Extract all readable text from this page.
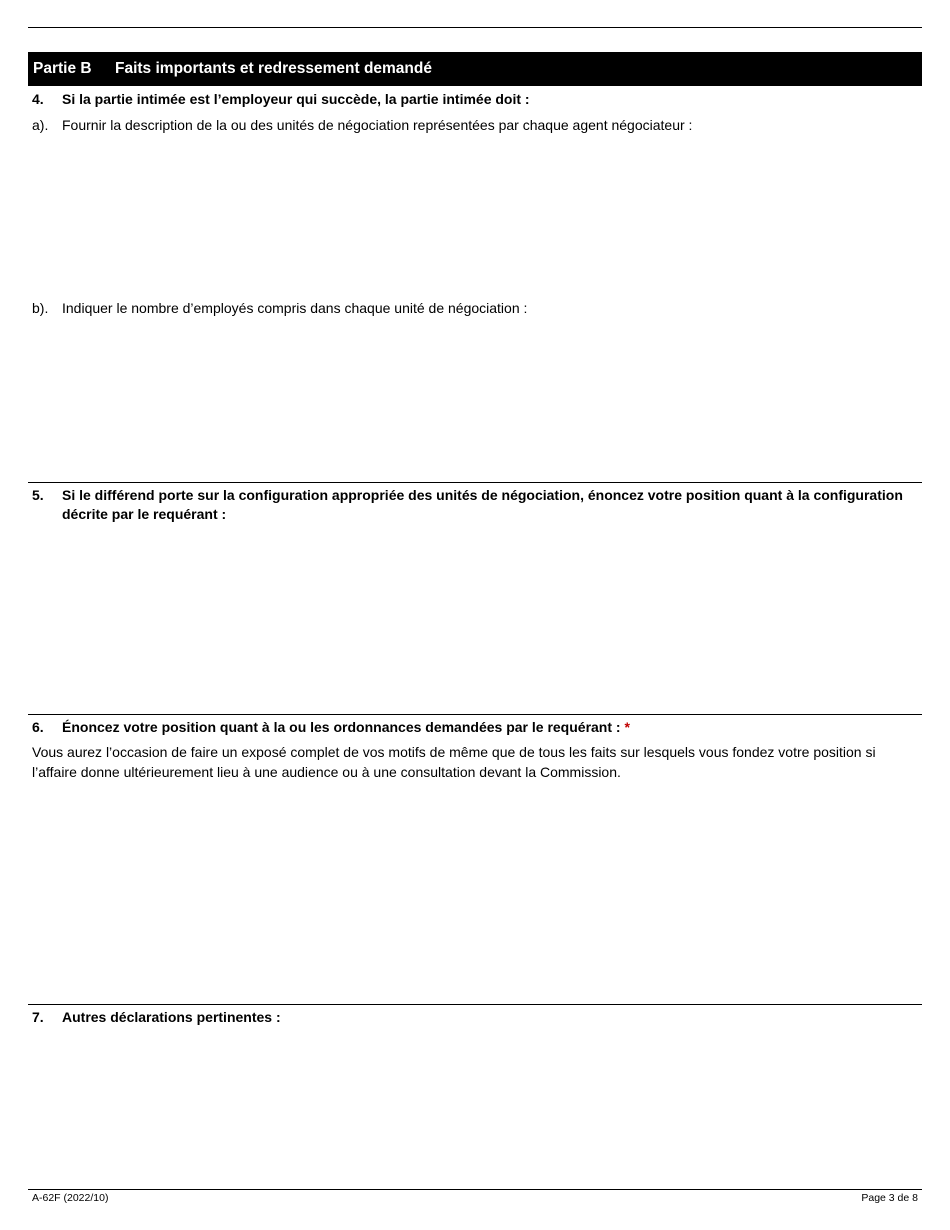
Partie B Faits importants et redressement demandé
4. Si la partie intimée est l’employeur qui succède, la partie intimée doit :
a). Fournir la description de la ou des unités de négociation représentées par chaque agent négociateur :
b). Indiquer le nombre d’employés compris dans chaque unité de négociation :
5. Si le différend porte sur la configuration appropriée des unités de négociation, énoncez votre position quant à la configuration décrite par le requérant :
6. Énoncez votre position quant à la ou les ordonnances demandées par le requérant : *
Vous aurez l’occasion de faire un exposé complet de vos motifs de même que de tous les faits sur lesquels vous fondez votre position si l’affaire donne ultérieurement lieu à une audience ou à une consultation devant la Commission.
7. Autres déclarations pertinentes :
A-62F (2022/10)	Page 3 de 8
